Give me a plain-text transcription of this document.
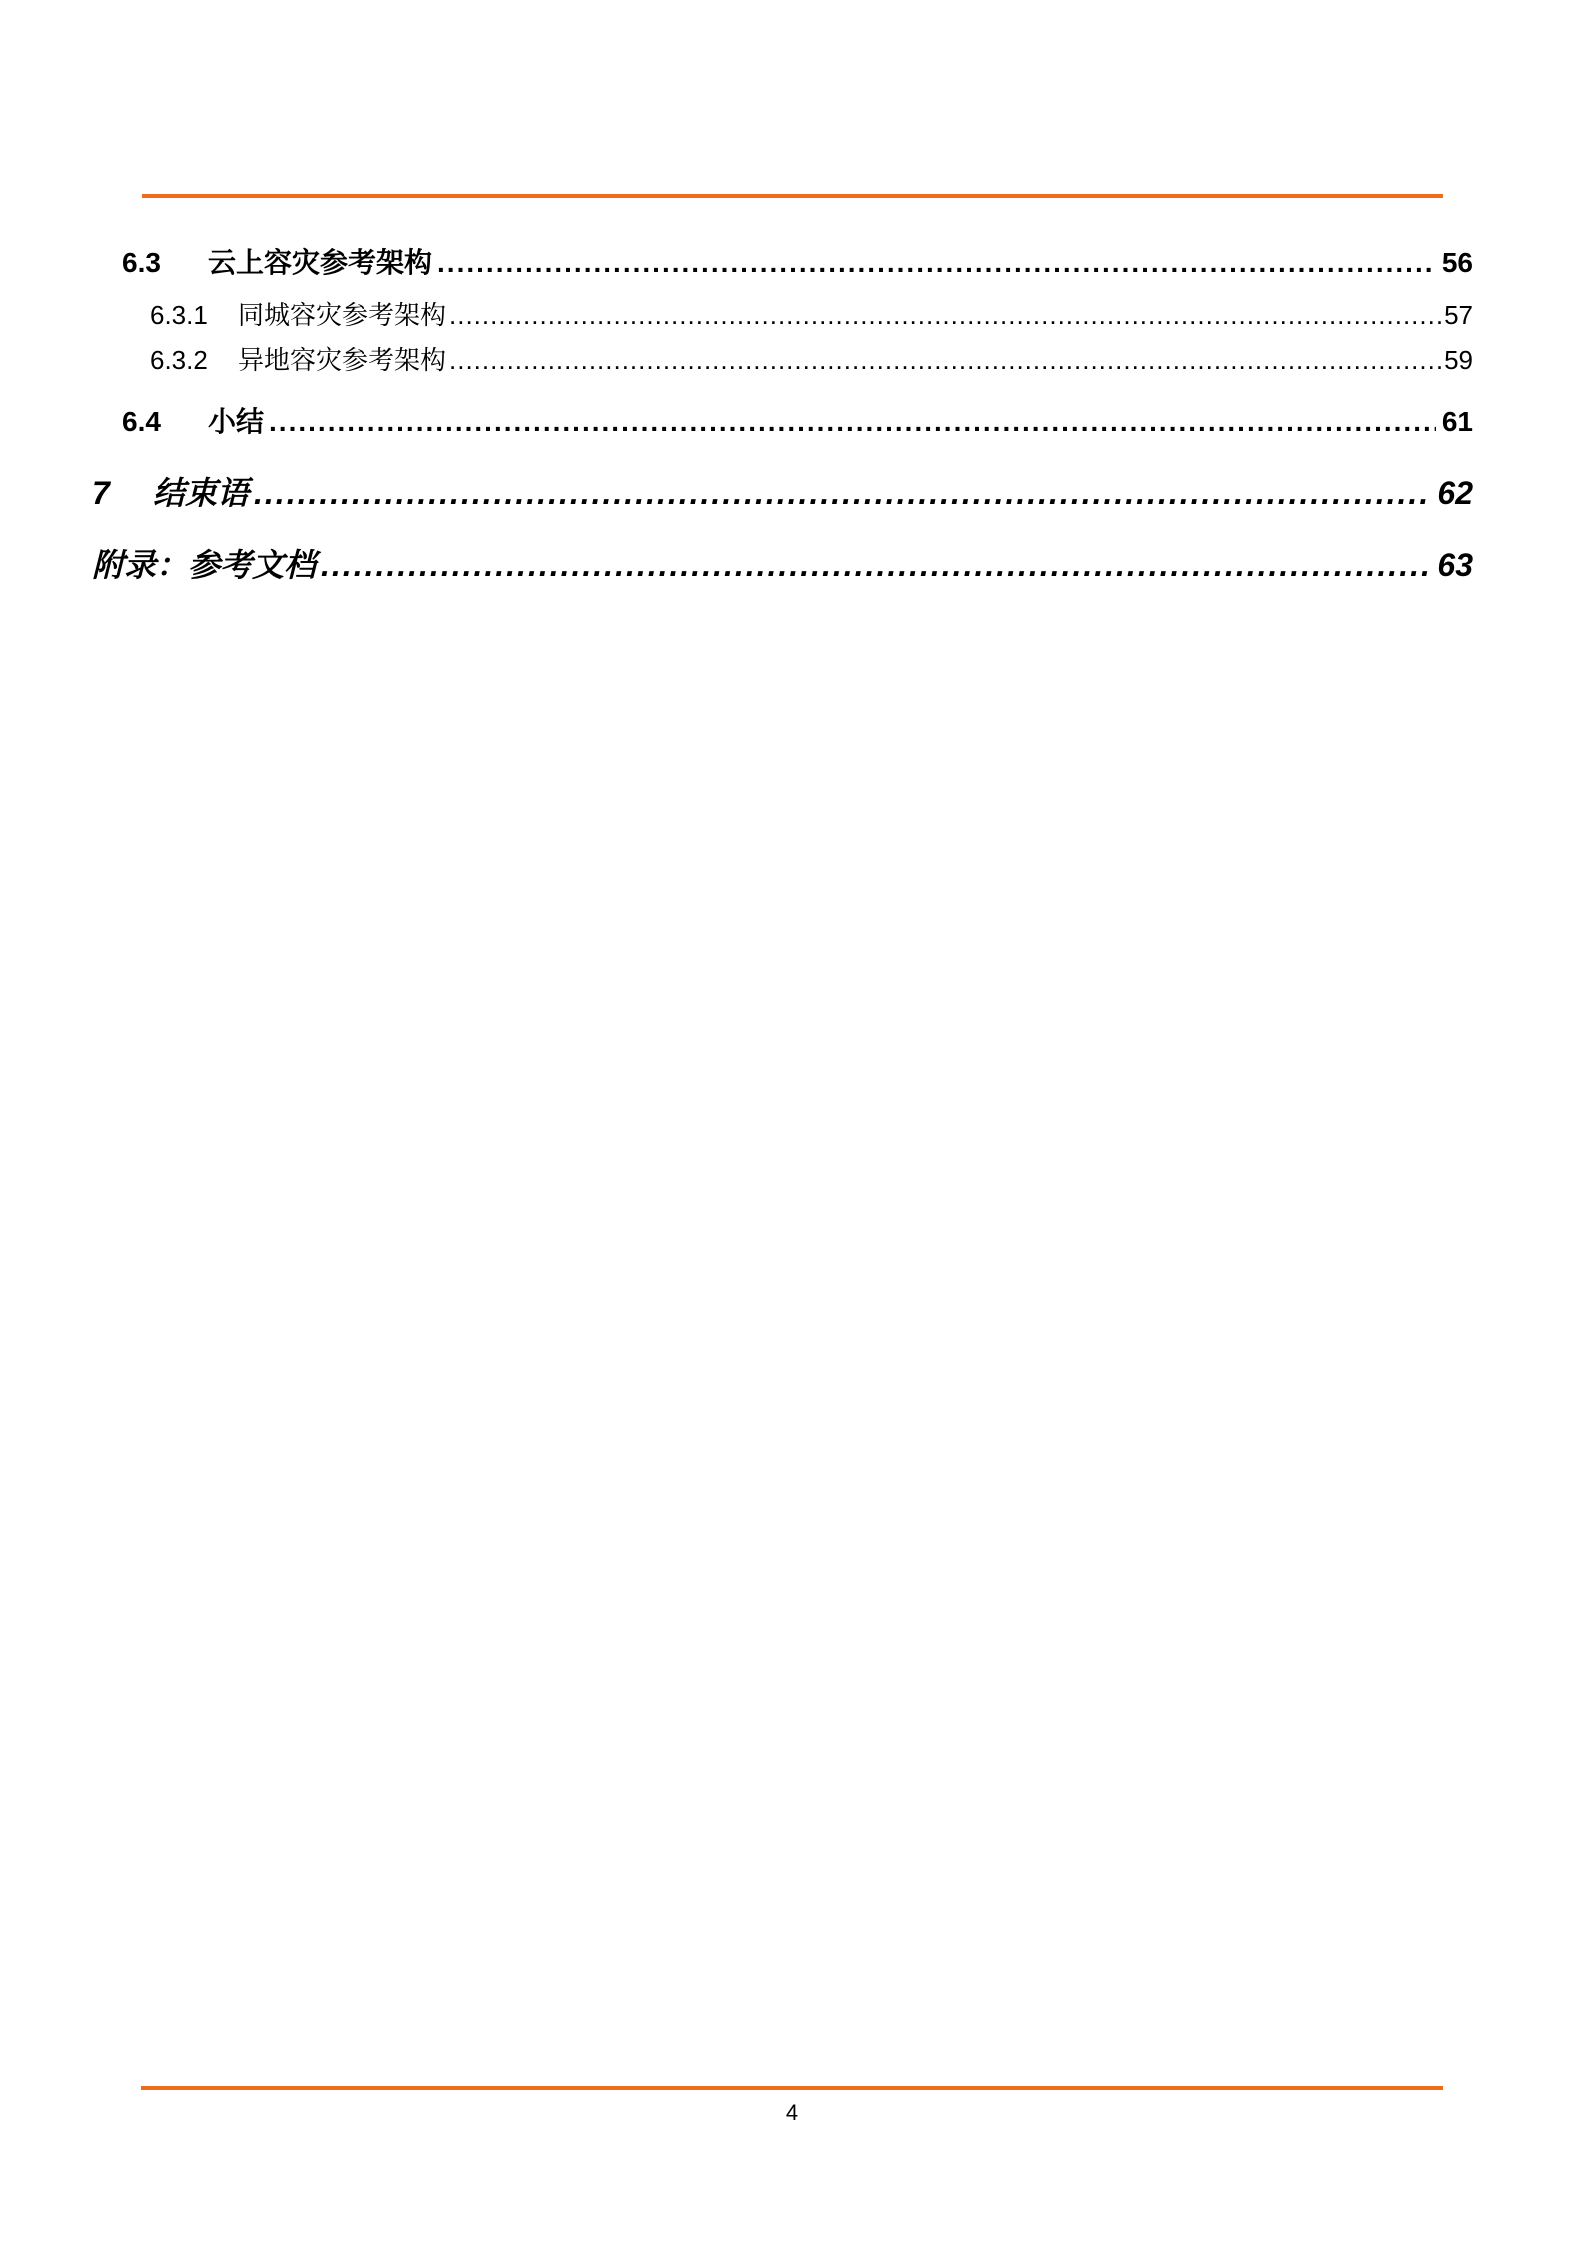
6.3	云上容灾参考架构 .....	56
6.3.1	同城容灾参考架构 .....	57
6.3.2	异地容灾参考架构 .....	59
6.4	小结 .....	61
7	结束语 .....	62
附录：参考文档 .....	63
4
